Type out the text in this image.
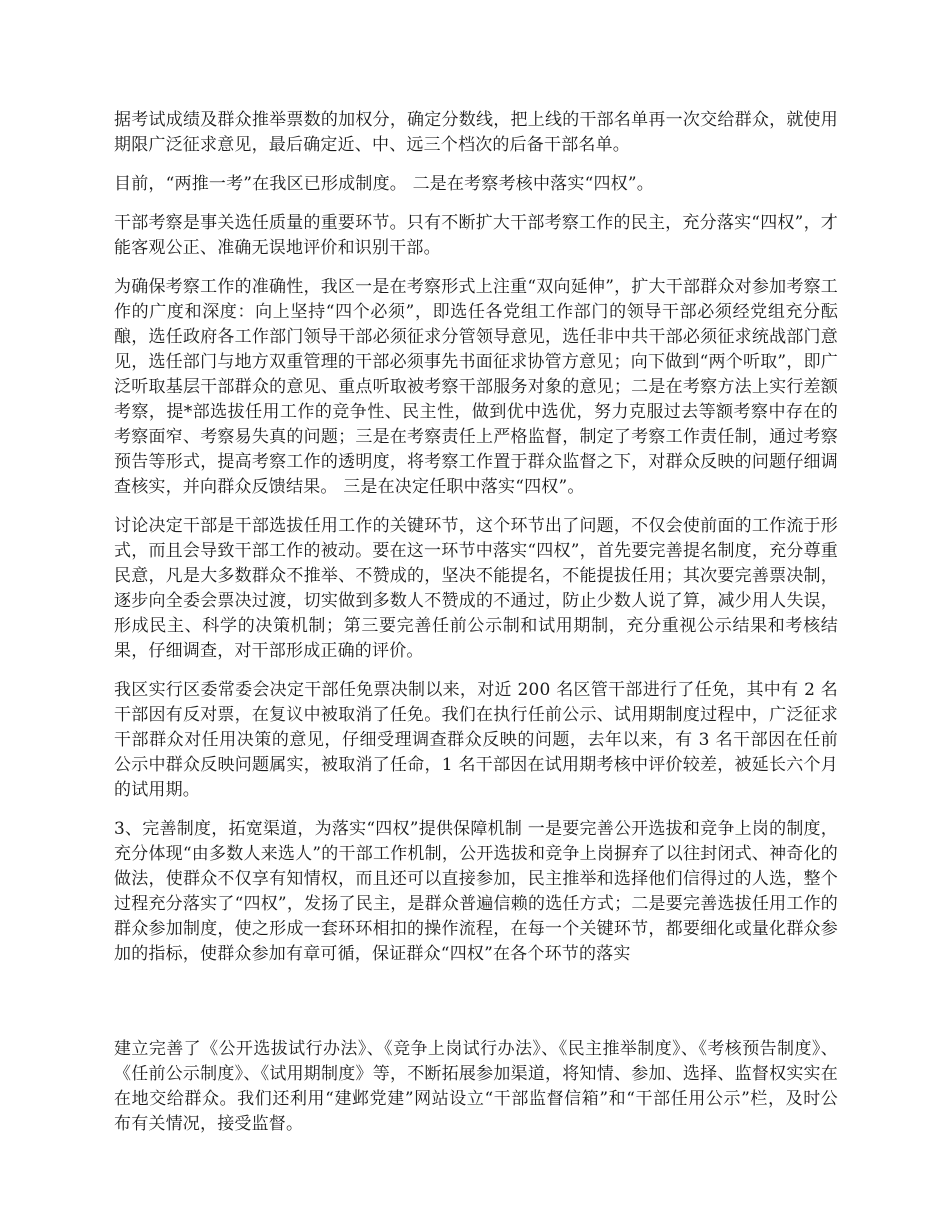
据考试成绩及群众推举票数的加权分，确定分数线，把上线的干部名单再一次交给群众，就使用期限广泛征求意见，最后确定近、中、远三个档次的后备干部名单。

目前，“两推一考”在我区已形成制度。 二是在考察考核中落实“四权”。

干部考察是事关选任质量的重要环节。只有不断扩大干部考察工作的民主，充分落实“四权”，才能客观公正、准确无误地评价和识别干部。

为确保考察工作的准确性，我区一是在考察形式上注重“双向延伸”，扩大干部群众对参加考察工作的广度和深度：向上坚持“四个必须”，即选任各党组工作部门的领导干部必须经党组充分酝酿，选任政府各工作部门领导干部必须征求分管领导意见，选任非中共干部必须征求统战部门意见，选任部门与地方双重管理的干部必须事先书面征求协管方意见；向下做到“两个听取”，即广泛听取基层干部群众的意见、重点听取被考察干部服务对象的意见；二是在考察方法上实行差额考察，提*部选拔任用工作的竞争性、民主性，做到优中选优，努力克服过去等额考察中存在的考察面窄、考察易失真的问题；三是在考察责任上严格监督，制定了考察工作责任制，通过考察预告等形式，提高考察工作的透明度，将考察工作置于群众监督之下，对群众反映的问题仔细调查核实，并向群众反馈结果。 三是在决定任职中落实“四权”。

讨论决定干部是干部选拔任用工作的关键环节，这个环节出了问题，不仅会使前面的工作流于形式，而且会导致干部工作的被动。要在这一环节中落实“四权”，首先要完善提名制度，充分尊重民意，凡是大多数群众不推举、不赞成的，坚决不能提名，不能提拔任用；其次要完善票决制，逐步向全委会票决过渡，切实做到多数人不赞成的不通过，防止少数人说了算，减少用人失误，形成民主、科学的决策机制；第三要完善任前公示制和试用期制，充分重视公示结果和考核结果，仔细调查，对干部形成正确的评价。

我区实行区委常委会决定干部任免票决制以来，对近 200 名区管干部进行了任免，其中有 2 名干部因有反对票，在复议中被取消了任免。我们在执行任前公示、试用期制度过程中，广泛征求干部群众对任用决策的意见，仔细受理调查群众反映的问题，去年以来，有 3 名干部因在任前公示中群众反映问题属实，被取消了任命，1 名干部因在试用期考核中评价较差，被延长六个月的试用期。

3、完善制度，拓宽渠道，为落实“四权”提供保障机制 一是要完善公开选拔和竞争上岗的制度，充分体现“由多数人来选人”的干部工作机制，公开选拔和竞争上岗摒弃了以往封闭式、神奇化的做法，使群众不仅享有知情权，而且还可以直接参加，民主推举和选择他们信得过的人选，整个过程充分落实了“四权”，发扬了民主，是群众普遍信赖的选任方式；二是要完善选拔任用工作的群众参加制度，使之形成一套环环相扣的操作流程，在每一个关键环节，都要细化或量化群众参加的指标，使群众参加有章可循，保证群众“四权”在各个环节的落实

建立完善了《公开选拔试行办法》、《竞争上岗试行办法》、《民主推举制度》、《考核预告制度》、《任前公示制度》、《试用期制度》等，不断拓展参加渠道，将知情、参加、选择、监督权实实在在地交给群众。我们还利用“建邺党建”网站设立“干部监督信箱”和“干部任用公示”栏，及时公布有关情况，接受监督。
